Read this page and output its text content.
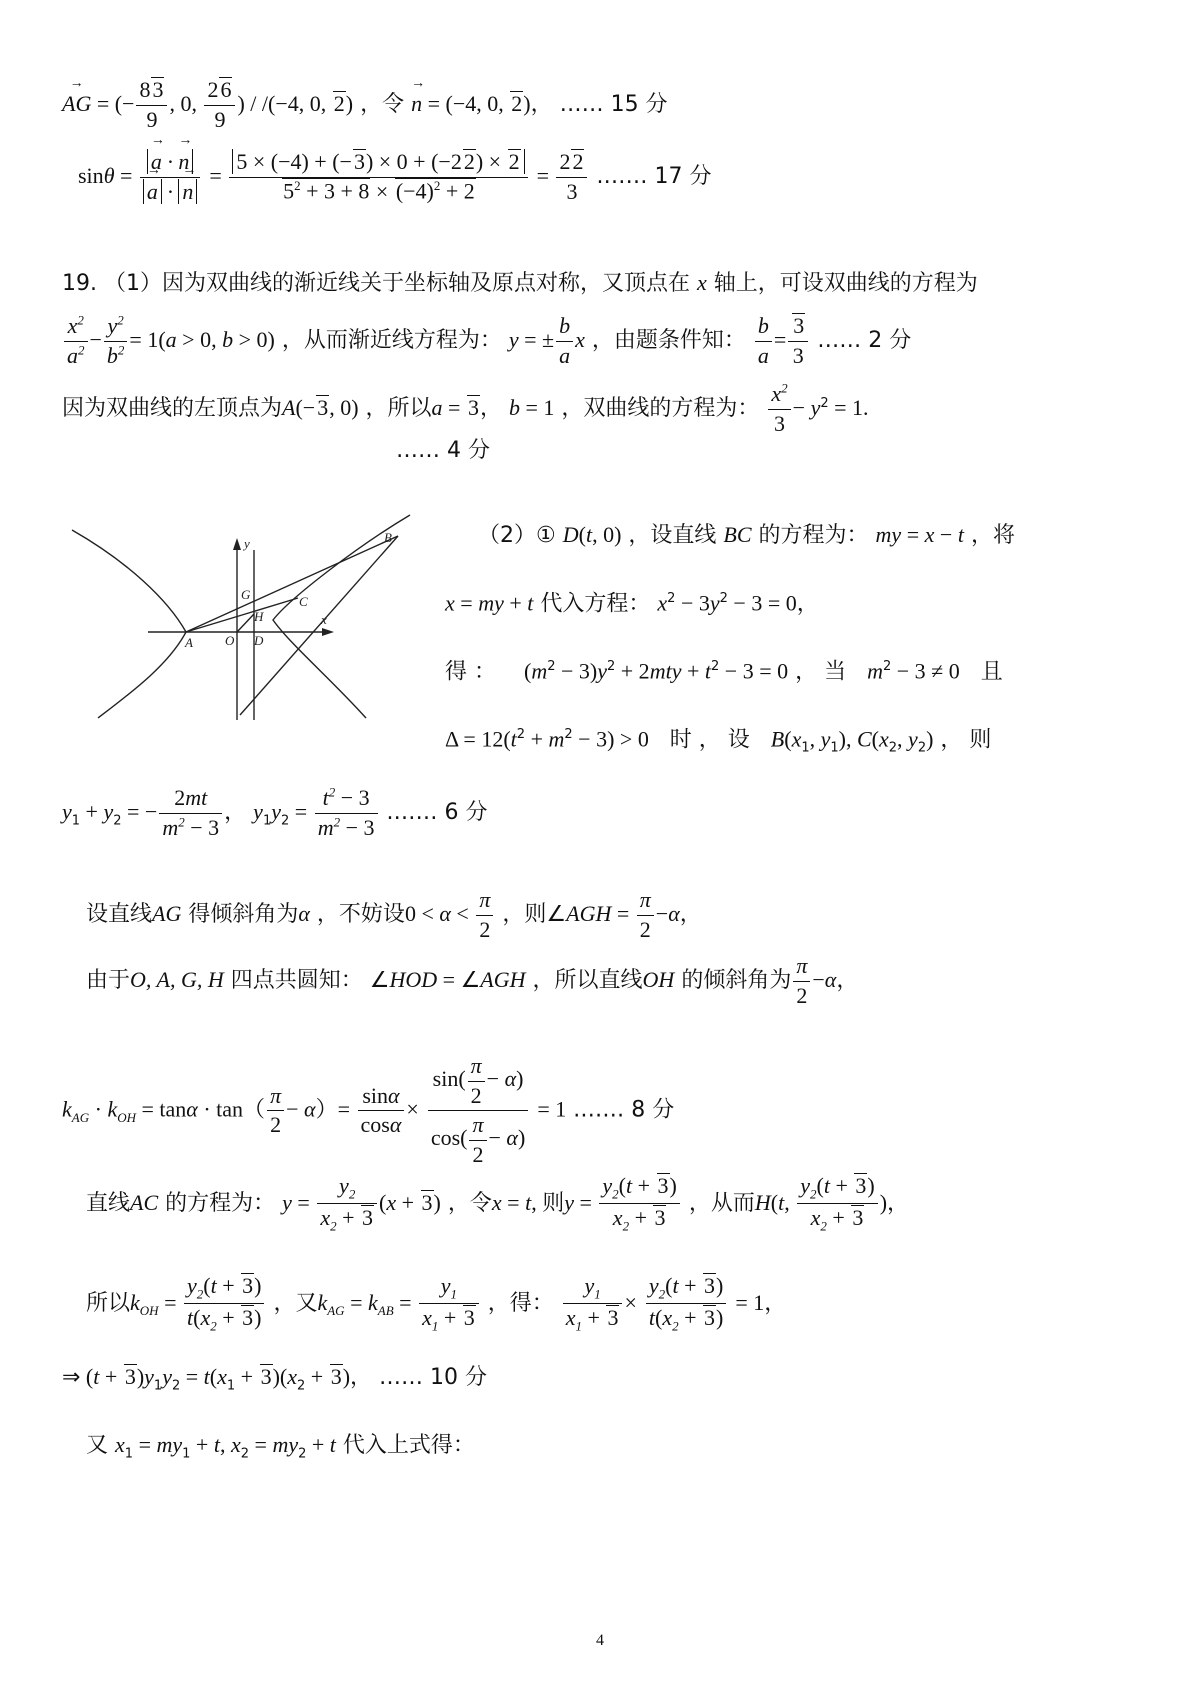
→ AG = (− $\frac{83}{9}$ , 0, $\frac{26}{9}$ ) / /(−4, 0, 2) ，令 → n = (−4, 0, 2)， …… 15 分
sinθ = → a · → n
→ a · → $n = \frac{5 \times (-4) + (-3) \times 0 + (-22) \times 2}{5^2 + 3 + 8 \times (-4)^2 + 2} = \frac{22}{3}$ .…… 17 分
19. （1）因为双曲线的渐近线关于坐标轴及原点对称，又顶点在 x 轴上，可设双曲线的方程为
$\frac{x^2}{a^2} - \frac{y^2}{b^2} = 1(a > 0$, b > 0) ，从而渐近线方程为： y = ± $\frac{b}{a}$ x ，由题条件知： $\frac{b}{a} = \frac{3}{3}$ …… 2 分
因为双曲线的左顶点为A(−3, 0) ，所以a = 3， b = 1 ，双曲线的方程为： $\frac{x^2}{3} - y^2 = 1$.
…… 4 分
（2）① D(t, 0) ，设直线 BC 的方程为： my = x − t ，将
x = my + t 代入方程： $x^2 - 3y^2 - 3 = 0$，
得 ： $(m^2 - 3)y^2 + 2mty + t^2 - 3 = 0$ ， 当 $m^2 - 3 \ne 0$ 且
$\Delta = 12(t^2 + m^2 - 3) > 0$ 时 ， 设 $B(x_1$, $y_1$), $C(x_2$, $y_2$) ， 则
$y_1 + y_2$ = − $\frac{2mt}{m^2 - 3}$ ， $y_1y_2 = \frac{t^2 - 3}{m^2 - 3}$ .…… 6 分
设直线AG 得倾斜角为α ，不妨设$0 < \alpha < \frac{\pi}{2}$ ，则∠AGH = $\frac{\pi}{2} -\alpha$，
由于O, A, G, H 四点共圆知： ∠HOD = ∠AGH ，所以直线OH 的倾斜角为 $\frac{\pi}{2} -\alpha$，
$k_{AG} \cdot k_{OH} = \tan\alpha \cdot \tan( \frac{\pi}{2} - \alpha)= \frac{\sin\alpha}{\cos\alpha} \times \frac{\sin( \frac{\pi}{2} - \alpha)}{\cos( \frac{\pi}{2} - \alpha)} = 1$ .…… 8 分
直线AC 的方程为： $y = \frac{y_2}{x_2 + 3} (x + 3)$ ，令x = t, 则$y = \frac{y_2(t + 3)}{x_2 + 3}$ ，从而H(t, $\frac{y_2(t + 3)}{x_2 + 3}$ )，
所以$k_{OH} = \frac{y_2(t + 3)}{t(x_2 + 3)}$ ，又$k_{AG} = k_{AB} = \frac{y_1}{x_1 + 3}$ ，得： $\frac{y_1}{x_1 + 3} \times \frac{y_2(t + 3)}{t(x_2 + 3)} = 1$，
⇒ $(t + 3)y_1y_2 = t(x_1 + 3)(x_2 + 3)$， …… 10 分
又 $x_1 = my_1 + t$, $x_2 = my_2 + t$ 代入上式得：
y
x
B
C
G
H
A O D
4
